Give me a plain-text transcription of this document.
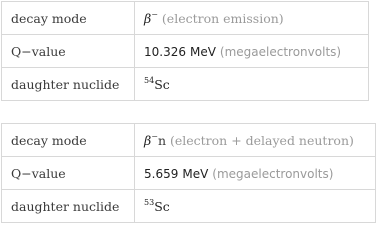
decay mode	β− (electron emission)
Q−value	10.326 MeV (megaelectronvolts)
daughter nuclide	$^{54}$Sc
decay mode	β−n (electron + delayed neutron)
Q−value	5.659 MeV (megaelectronvolts)
daughter nuclide	$^{53}$Sc
